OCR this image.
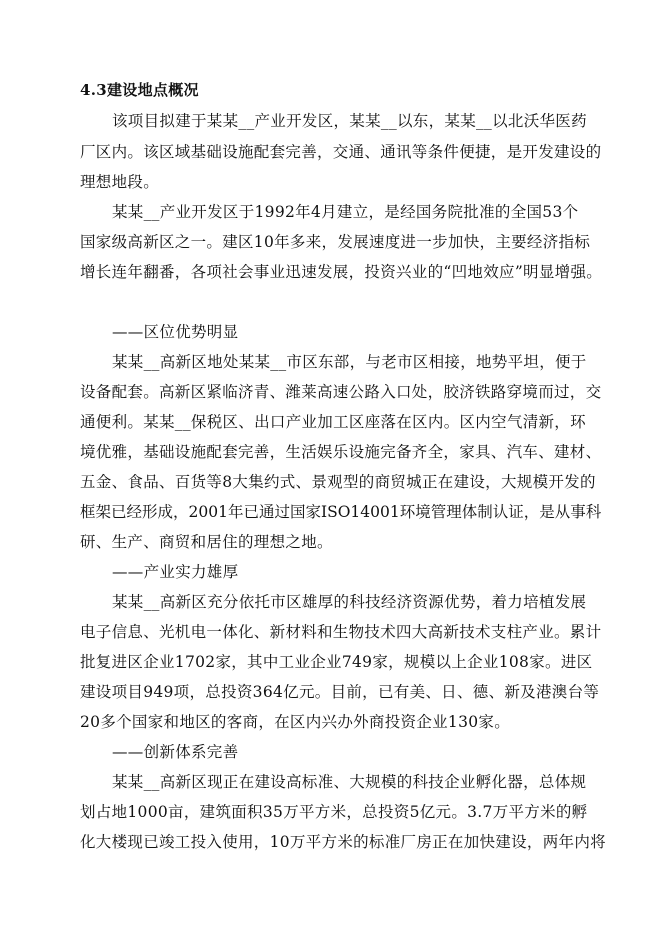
4.3建设地点概况
该项目拟建于某某__产业开发区，某某__以东，某某__以北沃华医药
厂区内。该区域基础设施配套完善，交通、通讯等条件便捷，是开发建设的
理想地段。
某某__产业开发区于1992年4月建立，是经国务院批准的全国53个
国家级高新区之一。建区10年多来，发展速度进一步加快，主要经济指标
增长连年翻番，各项社会事业迅速发展，投资兴业的“凹地效应”明显增强。
——区位优势明显
某某__高新区地处某某__市区东部，与老市区相接，地势平坦，便于
设备配套。高新区紧临济青、潍莱高速公路入口处，胶济铁路穿境而过，交
通便利。某某__保税区、出口产业加工区座落在区内。区内空气清新，环
境优雅，基础设施配套完善，生活娱乐设施完备齐全，家具、汽车、建材、
五金、食品、百货等8大集约式、景观型的商贸城正在建设，大规模开发的
框架已经形成，2001年已通过国家ISO14001环境管理体制认证，是从事科
研、生产、商贸和居住的理想之地。
——产业实力雄厚
某某__高新区充分依托市区雄厚的科技经济资源优势，着力培植发展
电子信息、光机电一体化、新材料和生物技术四大高新技术支柱产业。累计
批复进区企业1702家，其中工业企业749家，规模以上企业108家。进区
建设项目949项，总投资364亿元。目前，已有美、日、德、新及港澳台等
20多个国家和地区的客商，在区内兴办外商投资企业130家。
——创新体系完善
某某__高新区现正在建设高标准、大规模的科技企业孵化器，总体规
划占地1000亩，建筑面积35万平方米，总投资5亿元。3.7万平方米的孵
化大楼现已竣工投入使用，10万平方米的标准厂房正在加快建设，两年内将
